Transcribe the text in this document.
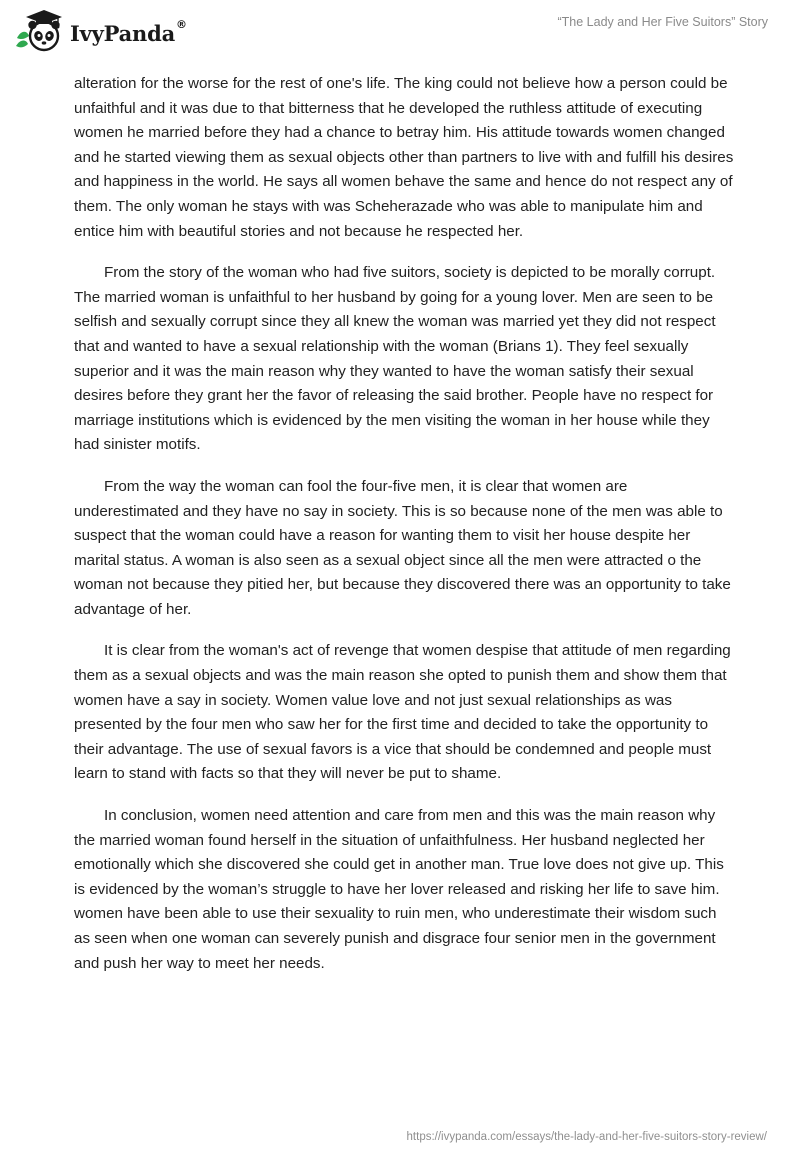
IvyPanda®	“The Lady and Her Five Suitors” Story

alteration for the worse for the rest of one's life. The king could not believe how a person could be unfaithful and it was due to that bitterness that he developed the ruthless attitude of executing women he married before they had a chance to betray him. His attitude towards women changed and he started viewing them as sexual objects other than partners to live with and fulfill his desires and happiness in the world. He says all women behave the same and hence do not respect any of them. The only woman he stays with was Scheherazade who was able to manipulate him and entice him with beautiful stories and not because he respected her.

From the story of the woman who had five suitors, society is depicted to be morally corrupt. The married woman is unfaithful to her husband by going for a young lover. Men are seen to be selfish and sexually corrupt since they all knew the woman was married yet they did not respect that and wanted to have a sexual relationship with the woman (Brians 1). They feel sexually superior and it was the main reason why they wanted to have the woman satisfy their sexual desires before they grant her the favor of releasing the said brother. People have no respect for marriage institutions which is evidenced by the men visiting the woman in her house while they had sinister motifs.

From the way the woman can fool the four-five men, it is clear that women are underestimated and they have no say in society. This is so because none of the men was able to suspect that the woman could have a reason for wanting them to visit her house despite her marital status. A woman is also seen as a sexual object since all the men were attracted o the woman not because they pitied her, but because they discovered there was an opportunity to take advantage of her.

It is clear from the woman's act of revenge that women despise that attitude of men regarding them as a sexual objects and was the main reason she opted to punish them and show them that women have a say in society. Women value love and not just sexual relationships as was presented by the four men who saw her for the first time and decided to take the opportunity to their advantage. The use of sexual favors is a vice that should be condemned and people must learn to stand with facts so that they will never be put to shame.

In conclusion, women need attention and care from men and this was the main reason why the married woman found herself in the situation of unfaithfulness. Her husband neglected her emotionally which she discovered she could get in another man. True love does not give up. This is evidenced by the woman’s struggle to have her lover released and risking her life to save him. women have been able to use their sexuality to ruin men, who underestimate their wisdom such as seen when one woman can severely punish and disgrace four senior men in the government and push her way to meet her needs.

https://ivypanda.com/essays/the-lady-and-her-five-suitors-story-review/
